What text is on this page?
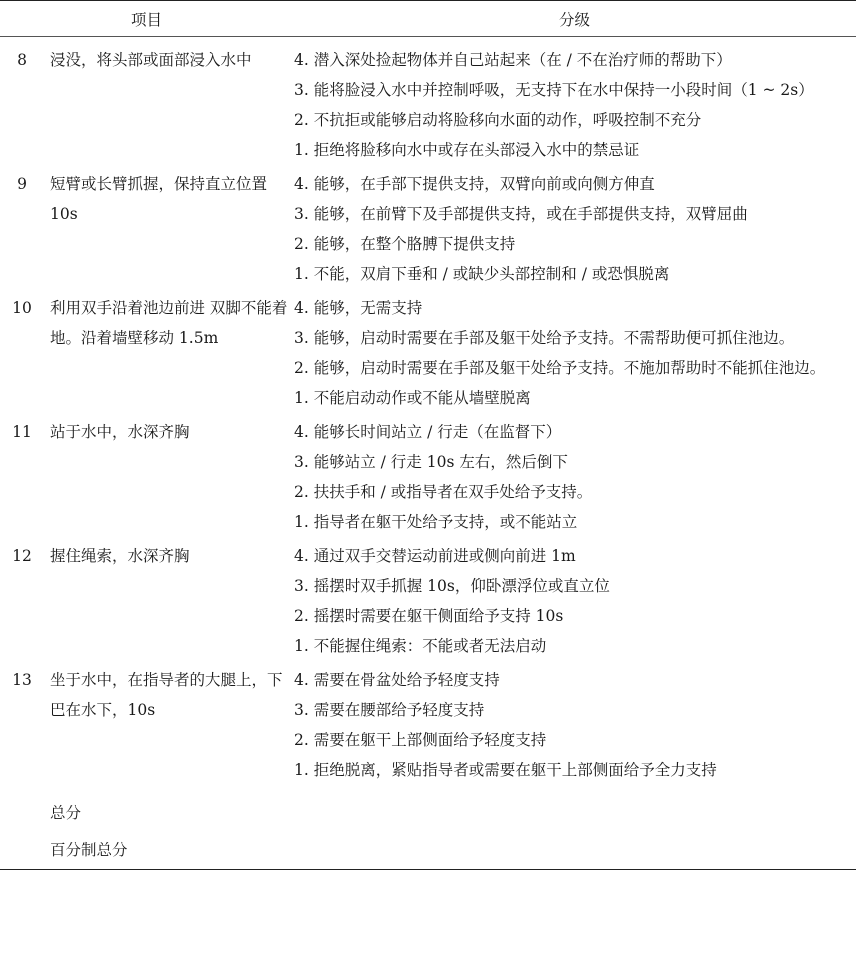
项目	分级
8	浸没，将头部或面部浸入水中	4. 潜入深处捡起物体并自己站起来（在 / 不在治疗师的帮助下）
3. 能将脸浸入水中并控制呼吸，无支持下在水中保持一小段时间（1 ~ 2s）
2. 不抗拒或能够启动将脸移向水面的动作，呼吸控制不充分
1. 拒绝将脸移向水中或存在头部浸入水中的禁忌证
9	短臂或长臂抓握，保持直立位置 10s
4. 能够，在手部下提供支持，双臂向前或向侧方伸直
3. 能够，在前臂下及手部提供支持，或在手部提供支持，双臂屈曲
2. 能够，在整个胳膊下提供支持
1. 不能，双肩下垂和 / 或缺少头部控制和 / 或恐惧脱离
10	利用双手沿着池边前进 双脚不能着地。沿着墙壁移动 1.5m
4. 能够，无需支持
3. 能够，启动时需要在手部及躯干处给予支持。不需帮助便可抓住池边。
2. 能够，启动时需要在手部及躯干处给予支持。不施加帮助时不能抓住池边。
1. 不能启动动作或不能从墙壁脱离
11	站于水中，水深齐胸	4. 能够长时间站立 / 行走（在监督下）
3. 能够站立 / 行走 10s 左右，然后倒下
2. 扶扶手和 / 或指导者在双手处给予支持。
1. 指导者在躯干处给予支持，或不能站立
12	握住绳索，水深齐胸	4. 通过双手交替运动前进或侧向前进 1m
3. 摇摆时双手抓握 10s，仰卧漂浮位或直立位
2. 摇摆时需要在躯干侧面给予支持 10s
1. 不能握住绳索：不能或者无法启动
13	坐于水中，在指导者的大腿上，下巴在水下，10s
4. 需要在骨盆处给予轻度支持
3. 需要在腰部给予轻度支持
2. 需要在躯干上部侧面给予轻度支持
1. 拒绝脱离，紧贴指导者或需要在躯干上部侧面给予全力支持
总分
百分制总分
